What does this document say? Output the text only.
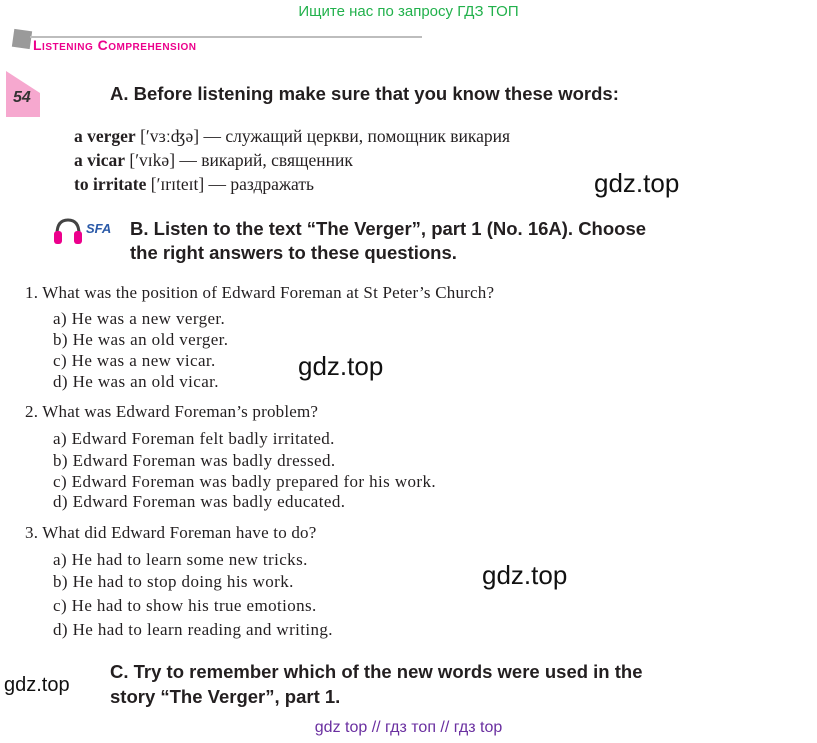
Ищите нас по запросу ГДЗ ТОП
Listening Comprehension
54	A. Before listening make sure that you know these words:
a verger [ʹvɜːʤə] — служащий церкви, помощник викария
a vicar [ʹvɪkə] — викарий, священник
to irritate [ʹɪrɪteɪt] — раздражать	gdz.top
SFA B. Listen to the text “The Verger”, part 1 (No. 16A). Choose
the right answers to these questions.
1. What was the position of Edward Foreman at St Peter’s Church?
a) He was a new verger.
b) He was an old verger.
c) He was a new vicar.
d) He was an old vicar.
gdz.top
2. What was Edward Foreman’s problem?
a) Edward Foreman felt badly irritated.
b) Edward Foreman was badly dressed.
c) Edward Foreman was badly prepared for his work.
d) Edward Foreman was badly educated.
3. What did Edward Foreman have to do?
a) He had to learn some new tricks.
b) He had to stop doing his work.
c) He had to show his true emotions.
d) He had to learn reading and writing.
gdz.top
gdz.top
C. Try to remember which of the new words were used in the
story “The Verger”, part 1.
gdz top // гдз топ // гдз top
